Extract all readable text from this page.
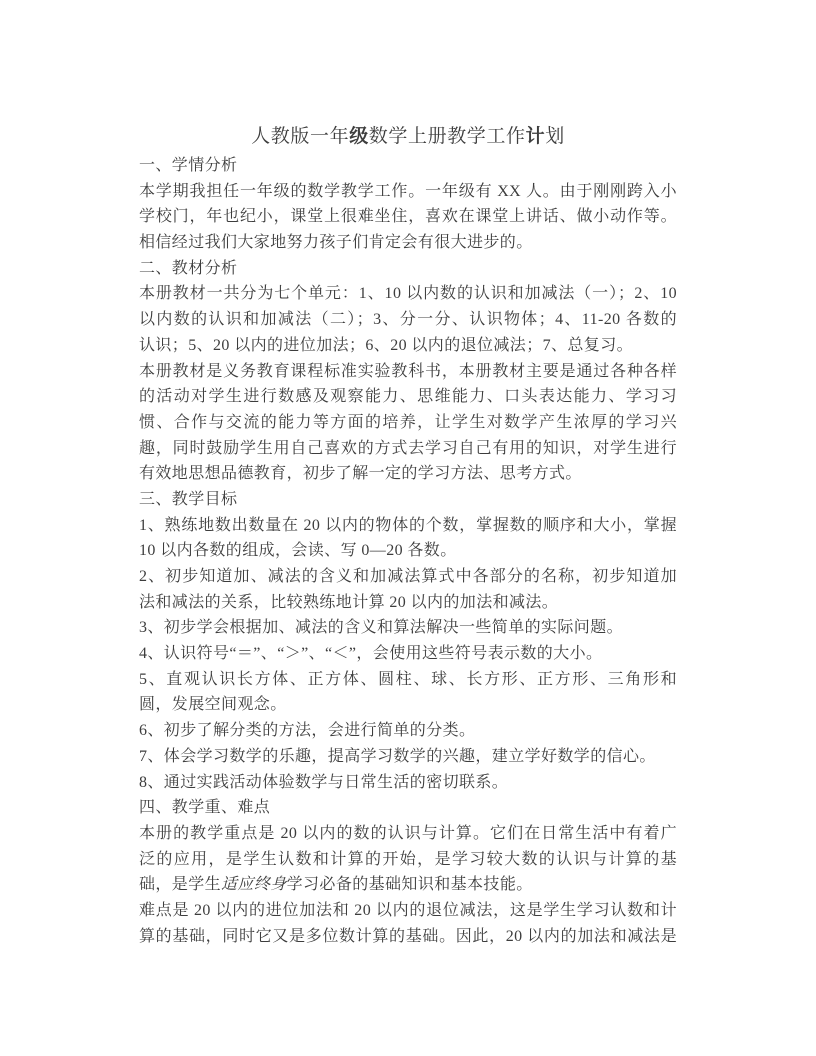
人教版一年级数学上册教学工作计划
一、学情分析
本学期我担任一年级的数学教学工作。一年级有 XX 人。由于刚刚跨入小
学校门，年也纪小，课堂上很难坐住，喜欢在课堂上讲话、做小动作等。
相信经过我们大家地努力孩子们肯定会有很大进步的。
二、教材分析
本册教材一共分为七个单元：1、10 以内数的认识和加减法（一）；2、10
以内数的认识和加减法（二）；3、分一分、认识物体；4、11-20 各数的
认识；5、20 以内的进位加法；6、20 以内的退位减法；7、总复习。
本册教材是义务教育课程标准实验教科书，本册教材主要是通过各种各样
的活动对学生进行数感及观察能力、思维能力、口头表达能力、学习习
惯、合作与交流的能力等方面的培养，让学生对数学产生浓厚的学习兴
趣，同时鼓励学生用自己喜欢的方式去学习自己有用的知识，对学生进行
有效地思想品德教育，初步了解一定的学习方法、思考方式。
三、教学目标
1、熟练地数出数量在 20 以内的物体的个数，掌握数的顺序和大小，掌握
10 以内各数的组成，会读、写 0—20 各数。
2、初步知道加、减法的含义和加减法算式中各部分的名称，初步知道加
法和减法的关系，比较熟练地计算 20 以内的加法和减法。
3、初步学会根据加、减法的含义和算法解决一些简单的实际问题。
4、认识符号“＝”、“＞”、“＜”，会使用这些符号表示数的大小。
5、直观认识长方体、正方体、圆柱、球、长方形、正方形、三角形和
圆，发展空间观念。
6、初步了解分类的方法，会进行简单的分类。
7、体会学习数学的乐趣，提高学习数学的兴趣，建立学好数学的信心。
8、通过实践活动体验数学与日常生活的密切联系。
四、教学重、难点
本册的教学重点是 20 以内的数的认识与计算。它们在日常生活中有着广
泛的应用，是学生认数和计算的开始，是学习较大数的认识与计算的基
础，是学生适应终身学习必备的基础知识和基本技能。
难点是 20 以内的进位加法和 20 以内的退位减法，这是学生学习认数和计
算的基础，同时它又是多位数计算的基础。因此，20 以内的加法和减法是
